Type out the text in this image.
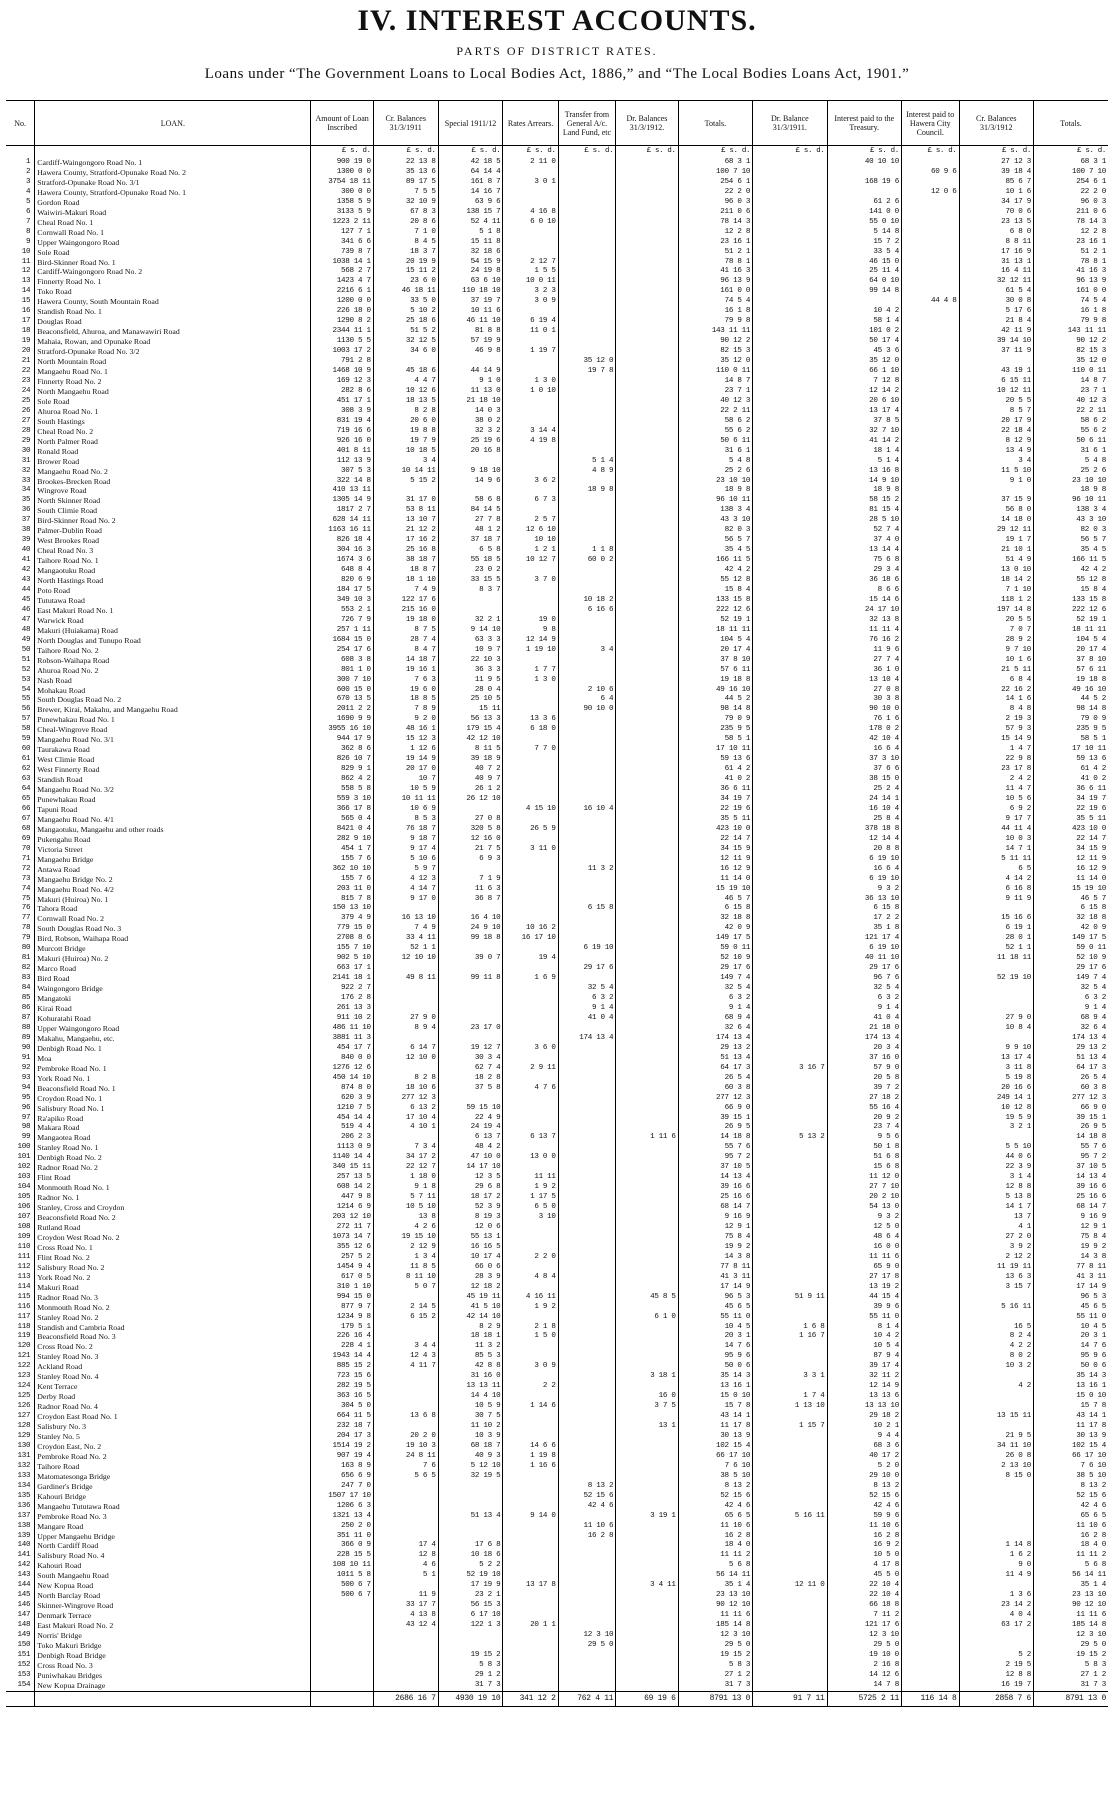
IV. INTEREST ACCOUNTS.
PARTS OF DISTRICT RATES.
Loans under “The Government Loans to Local Bodies Act, 1886,” and “The Local Bodies Loans Act, 1901.”
No.	LOAN.	Amount of Loan Inscribed	Cr. Balances 31/3/1911	Special 1911/12	Rates Arrears.	Transfer from General A/c. Land Fund, etc	Dr. Balances 31/3/1912.	Totals.	Dr. Balance 31/3/1911.	Interest paid to the Treasury.	Interest paid to Hawera City Council.	Cr. Balances 31/3/1912	Totals.
		£ s. d.	£ s. d.	£ s. d.	£ s. d.	£ s. d.	£ s. d.	£ s. d.	£ s. d.	£ s. d.	£ s. d.	£ s. d.	£ s. d.
1	Cardiff-Waingongoro Road No. 1	900 19 0	22 13 8	42 18 5	2 11 0			68 3 1		40 10 10		27 12 3	68 3 1
2	Hawera County, Stratford-Opunake Road No. 2	1300 0 0	35 13 6	64 14 4				100 7 10			60 9 6	39 18 4	100 7 10
3	Stratford-Opunake Road No. 3/1	3754 18 11	89 17 5	161 8 7	3 0 1			254 6 1		168 19 6		85 6 7	254 6 1
4	Hawera County, Stratford-Opunake Road No. 1	300 0 0	7 5 5	14 16 7				22 2 0			12 0 6	10 1 6	22 2 0
5	Gordon Road	1358 5 9	32 10 9	63 9 6				96 0 3		61 2 6		34 17 9	96 0 3
6	Waiwiri-Makuri Road	3133 5 9	67 8 3	138 15 7	4 16 8			211 0 6		141 0 0		70 0 6	211 0 6
7	Cheal Road No. 1	1223 2 11	20 8 6	52 4 11	6 0 10			78 14 3		55 0 10		23 13 5	78 14 3
8	Cornwall Road No. 1	127 7 1	7 1 0	5 1 8				12 2 8		5 14 8		6 8 0	12 2 8
9	Upper Waingongoro Road	341 6 6	8 4 5	15 11 8				23 16 1		15 7 2		8 8 11	23 16 1
10	Sole Road	739 8 7	18 3 7	32 18 6				51 2 1		33 5 4		17 16 9	51 2 1
11	Bird-Skinner Road No. 1	1038 14 1	20 19 9	54 15 9	2 12 7			78 8 1		46 15 0		31 13 1	78 8 1
12	Cardiff-Waingongoro Road No. 2	568 2 7	15 11 2	24 19 8	1 5 5			41 16 3		25 11 4		16 4 11	41 16 3
13	Finnerty Road No. 1	1423 4 7	23 6 0	63 6 10	10 0 11			96 13 9		64 0 10		32 12 11	96 13 9
14	Toko Road	2216 6 1	46 18 11	110 18 10	3 2 3			161 0 0		99 14 8		61 5 4	161 0 0
15	Hawera County, South Mountain Road	1200 0 0	33 5 0	37 19 7	3 0 9			74 5 4			44 4 8	30 0 8	74 5 4
16	Standish Road No. 1	226 18 0	5 10 2	10 11 6				16 1 8		10 4 2		5 17 6	16 1 8
17	Douglas Road	1290 8 2	25 18 6	46 11 10	6 19 4			79 9 8		58 1 4		21 8 4	79 9 8
18	Beaconsfield, Ahuroa, and Manawawiri Road	2344 11 1	51 5 2	81 8 8	11 0 1			143 11 11		101 0 2		42 11 9	143 11 11
19	Mahaia, Rowan, and Opunake Road	1130 5 5	32 12 5	57 19 9				90 12 2		50 17 4		39 14 10	90 12 2
20	Stratford-Opunake Road No. 3/2	1003 17 2	34 6 0	46 9 8	1 19 7			82 15 3		45 3 6		37 11 9	82 15 3
21	North Mountain Road	791 2 8				35 12 0		35 12 0		35 12 0			35 12 0
22	Mangaehu Road No. 1	1468 10 9	45 18 6	44 14 9		19 7 8		110 0 11		66 1 10		43 19 1	110 0 11
23	Finnerty Road No. 2	169 12 3	4 4 7	9 1 0	1 3 0			14 8 7		7 12 8		6 15 11	14 8 7
24	North Mangaehu Road	282 8 6	10 12 6	11 13 0	1 0 10			23 7 1		12 14 2		10 12 11	23 7 1
25	Sole Road	451 17 1	18 13 5	21 18 10				40 12 3		20 6 10		20 5 5	40 12 3
26	Ahuroa Road No. 1	308 3 9	8 2 8	14 0 3				22 2 11		13 17 4		8 5 7	22 2 11
27	South Hastings	831 19 4	20 6 0	38 0 2				58 6 2		37 8 5		20 17 9	58 6 2
28	Cheal Road No. 2	719 16 6	19 8 8	32 3 2	3 14 4			55 6 2		32 7 10		22 18 4	55 6 2
29	North Palmer Road	926 16 0	19 7 9	25 19 6	4 19 8			50 6 11		41 14 2		8 12 9	50 6 11
30	Ronald Road	401 8 11	10 18 5	20 16 8				31 6 1		18 1 4		13 4 9	31 6 1
31	Brower Road	112 13 9	3 4			5 1 4		5 4 8		5 1 4		3 4	5 4 8
32	Mangaehu Road No. 2	307 5 3	10 14 11	9 18 10		4 8 9		25 2 6		13 16 8		11 5 10	25 2 6
33	Brookes-Brecken Road	322 14 8	5 15 2	14 9 6	3 6 2			23 10 10		14 9 10		9 1 0	23 10 10
34	Wingrove Road	410 13 11				18 9 8		18 9 8		18 9 8			18 9 8
35	North Skinner Road	1305 14 9	31 17 0	58 6 8	6 7 3			96 10 11		58 15 2		37 15 9	96 10 11
36	South Climie Road	1817 2 7	53 8 11	84 14 5				138 3 4		81 15 4		56 8 0	138 3 4
37	Bird-Skinner Road No. 2	628 14 11	13 10 7	27 7 8	2 5 7			43 3 10		28 5 10		14 18 0	43 3 10
38	Palmer-Dublin Road	1163 16 11	21 12 2	48 1 2	12 6 10			82 0 3		52 7 4		29 12 11	82 0 3
39	West Brookes Road	826 18 4	17 16 2	37 18 7	10 10			56 5 7		37 4 0		19 1 7	56 5 7
40	Cheal Road No. 3	304 16 3	25 16 8	6 5 8	1 2 1	1 1 8		35 4 5		13 14 4		21 10 1	35 4 5
41	Taihore Road No. 1	1674 3 6	38 18 7	55 18 5	10 12 7	60 0 2		166 11 5		75 6 8		51 4 9	166 11 5
42	Mangaotuku Road	648 8 4	18 8 7	23 0 2				42 4 2		29 3 4		13 0 10	42 4 2
43	North Hastings Road	820 6 9	18 1 10	33 15 5	3 7 0			55 12 8		36 18 6		18 14 2	55 12 8
44	Poto Road	184 17 5	7 4 9	8 3 7				15 8 4		8 6 6		7 1 10	15 8 4
45	Tututawa Road	349 10 3	122 17 6			10 18 2		133 15 8		15 14 6		118 1 2	133 15 8
46	East Makuri Road No. 1	553 2 1	215 16 0			6 16 6		222 12 6		24 17 10		197 14 8	222 12 6
47	Warwick Road	726 7 9	19 18 0	32 2 1	19 0			52 19 1		32 13 8		20 5 5	52 19 1
48	Makuri (Huiakama) Road	257 1 11	8 7 5	9 14 10	9 8			18 11 11		11 11 4		7 0 7	18 11 11
49	North Douglas and Tunupo Road	1684 15 0	28 7 4	63 3 3	12 14 9			104 5 4		76 16 2		28 9 2	104 5 4
50	Taihore Road No. 2	254 17 6	8 4 7	10 9 7	1 19 10	3 4		20 17 4		11 9 6		9 7 10	20 17 4
51	Robson-Waihapa Road	608 3 8	14 18 7	22 10 3				37 8 10		27 7 4		10 1 6	37 8 10
52	Ahuroa Road No. 2	801 1 0	19 16 1	36 3 3	1 7 7			57 6 11		36 1 0		21 5 11	57 6 11
53	Nash Road	300 7 10	7 6 3	11 9 5	1 3 0			19 18 8		13 10 4		6 8 4	19 18 8
54	Mohakau Road	600 15 0	19 6 0	28 0 4		2 10 6		49 16 10		27 0 8		22 16 2	49 16 10
55	South Douglas Road No. 2	670 13 5	18 8 5	25 10 5		6 4		44 5 2		30 3 8		14 1 6	44 5 2
56	Brewer, Kirai, Makahu, and Mangaehu Road	2011 2 2	7 8 9	15 11		90 10 0		98 14 8		90 10 0		8 4 8	98 14 8
57	Punewhakau Road No. 1	1690 9 9	9 2 0	56 13 3	13 3 6			79 0 9		76 1 6		2 19 3	79 0 9
58	Cheal-Wingrove Road	3955 16 10	48 16 1	179 15 4	6 18 0			235 9 5		178 0 2		57 9 3	235 9 5
59	Mangaehu Road No. 3/1	944 17 9	15 12 3	42 12 10				58 5 1		42 10 4		15 14 9	58 5 1
60	Taurakawa Road	362 8 6	1 12 6	8 11 5	7 7 0			17 10 11		16 6 4		1 4 7	17 10 11
61	West Climie Road	826 10 7	19 14 9	39 18 9				59 13 6		37 3 10		22 9 8	59 13 6
62	West Finnerty Road	829 9 1	20 17 0	40 7 2				61 4 2		37 6 6		23 17 8	61 4 2
63	Standish Road	862 4 2	10 7	40 9 7				41 0 2		38 15 0		2 4 2	41 0 2
64	Mangaehu Road No. 3/2	558 5 8	10 5 9	26 1 2				36 6 11		25 2 4		11 4 7	36 6 11
65	Punewhakau Road	559 3 10	10 11 11	26 12 10				34 19 7		24 14 1		10 5 6	34 19 7
66	Tapuni Road	366 17 8	10 6 9		4 15 10	16 10 4		22 19 6		16 10 4		6 9 2	22 19 6
67	Mangaehu Road No. 4/1	565 0 4	8 5 3	27 0 8				35 5 11		25 8 4		9 17 7	35 5 11
68	Mangaotuku, Mangaehu and other roads	8421 0 4	76 18 7	320 5 8	26 5 9			423 10 0		378 18 8		44 11 4	423 10 0
69	Pukengahu Road	282 9 10	9 18 7	12 16 0				22 14 7		12 14 4		10 0 3	22 14 7
70	Victoria Street	454 1 7	9 17 4	21 7 5	3 11 0			34 15 9		20 8 8		14 7 1	34 15 9
71	Mangaehu Bridge	155 7 6	5 10 6	6 9 3				12 11 9		6 19 10		5 11 11	12 11 9
72	Antawa Road	362 10 10	5 9 7			11 3 2		16 12 9		16 6 4		6 5	16 12 9
73	Mangaehu Bridge No. 2	155 7 6	4 12 3	7 1 9				11 14 0		6 19 10		4 14 2	11 14 0
74	Mangaehu Road No. 4/2	203 11 0	4 14 7	11 6 3				15 19 10		9 3 2		6 16 8	15 19 10
75	Makuri (Huiroa) No. 1	815 7 8	9 17 0	36 8 7				46 5 7		36 13 10		9 11 9	46 5 7
76	Tahora Road	150 13 10				6 15 8		6 15 8		6 15 8			6 15 8
77	Cornwall Road No. 2	379 4 9	16 13 10	16 4 10				32 18 8		17 2 2		15 16 6	32 18 8
78	South Douglas Road No. 3	779 15 0	7 4 9	24 9 10	10 16 2			42 0 9		35 1 8		6 19 1	42 0 9
79	Bird, Robson, Waihapa Road	2708 8 6	33 4 11	99 18 8	16 17 10			149 17 5		121 17 4		28 0 1	149 17 5
80	Murcott Bridge	155 7 10	52 1 1			6 19 10		59 0 11		6 19 10		52 1 1	59 0 11
81	Makuri (Huiroa) No. 2	902 5 10	12 10 10	39 0 7	19 4			52 10 9		40 11 10		11 18 11	52 10 9
82	Marco Road	663 17 1				29 17 6		29 17 6		29 17 6			29 17 6
83	Bird Road	2141 18 1	49 8 11	99 11 8	1 6 9			149 7 4		96 7 6		52 19 10	149 7 4
84	Waingongoro Bridge	922 2 7				32 5 4		32 5 4		32 5 4			32 5 4
85	Mangatoki	176 2 8				6 3 2		6 3 2		6 3 2			6 3 2
86	Kirai Road	261 13 3				9 1 4		9 1 4		9 1 4			9 1 4
87	Kohuratahi Road	911 10 2	27 9 0			41 0 4		68 9 4		41 0 4		27 9 0	68 9 4
88	Upper Waingongoro Road	486 11 10	8 9 4	23 17 0				32 6 4		21 18 0		10 8 4	32 6 4
89	Makahu, Mangaehu, etc.	3881 11 3				174 13 4		174 13 4		174 13 4			174 13 4
90	Denbigh Road No. 1	454 17 7	6 14 7	19 12 7	3 6 0			29 13 2		20 3 4		9 9 10	29 13 2
91	Moa	840 0 0	12 10 0	30 3 4				51 13 4		37 16 0		13 17 4	51 13 4
92	Pembroke Road No. 1	1276 12 6		62 7 4	2 9 11			64 17 3	3 16 7	57 9 0		3 11 8	64 17 3
93	York Road No. 1	450 14 10	8 2 8	18 2 8				26 5 4		20 5 8		5 19 8	26 5 4
94	Beaconsfield Road No. 1	874 8 0	18 10 6	37 5 8	4 7 6			60 3 8		39 7 2		20 16 6	60 3 8
95	Croydon Road No. 1	620 3 9	277 12 3					277 12 3		27 18 2		249 14 1	277 12 3
96	Salisbury Road No. 1	1210 7 5	6 13 2	59 15 10				66 9 0		55 16 4		10 12 8	66 9 0
97	Ra'apiko Road	454 14 4	17 10 4	22 4 9				39 15 1		20 9 2		19 5 9	39 15 1
98	Makara Road	519 4 4	4 10 1	24 19 4				26 9 5		23 7 4		3 2 1	26 9 5
99	Mangaotea Road	206 2 3		6 13 7	6 13 7		1 11 6	14 18 8	5 13 2	9 5 6			14 18 8
100	Stanley Road No. 1	1113 0 9	7 3 4	48 4 2				55 7 6		50 1 8		5 5 10	55 7 6
101	Denbigh Road No. 2	1140 14 4	34 17 2	47 10 0	13 0 0			95 7 2		51 6 8		44 0 6	95 7 2
102	Radnor Road No. 2	340 15 11	22 12 7	14 17 10				37 10 5		15 6 8		22 3 9	37 10 5
103	Flint Road	257 13 5	1 18 0	12 3 5	11 11			14 13 4		11 12 0		3 1 4	14 13 4
104	Monmouth Road No. 1	608 14 2	9 1 8	29 6 8	1 9 2			39 16 6		27 7 10		12 8 8	39 16 6
105	Radnor No. 1	447 9 8	5 7 11	18 17 2	1 17 5			25 16 6		20 2 10		5 13 8	25 16 6
106	Stanley, Cross and Croydon	1214 6 9	10 5 10	52 3 9	6 5 0			68 14 7		54 13 0		14 1 7	68 14 7
107	Beaconsfield Road No. 2	203 12 10	13 8	8 19 3	3 10			9 16 9		9 3 2		13 7	9 16 9
108	Rutland Road	272 11 7	4 2 6	12 0 6				12 9 1		12 5 0		4 1	12 9 1
109	Croydon West Road No. 2	1073 14 7	19 15 10	55 13 1				75 8 4		48 6 4		27 2 0	75 8 4
110	Cross Road No. 1	355 12 6	2 12 9	16 16 5				19 9 2		16 0 0		3 9 2	19 9 2
111	Flint Road No. 2	257 5 2	1 3 4	10 17 4	2 2 0			14 3 8		11 11 6		2 12 2	14 3 8
112	Salisbury Road No. 2	1454 9 4	11 8 5	66 0 6				77 8 11		65 9 0		11 19 11	77 8 11
113	York Road No. 2	617 0 5	8 11 10	28 3 9	4 8 4			41 3 11		27 17 8		13 6 3	41 3 11
114	Makuri Road	310 1 10	5 0 7	12 18 2				17 14 9		13 19 2		3 15 7	17 14 9
115	Radnor Road No. 3	994 15 0		45 19 11	4 16 11		45 8 5	96 5 3	51 9 11	44 15 4			96 5 3
116	Monmouth Road No. 2	877 9 7	2 14 5	41 5 10	1 9 2			45 6 5		39 9 6		5 16 11	45 6 5
117	Stanley Road No. 2	1234 9 8	6 15 2	42 14 10			6 1 0	55 11 0		55 11 0			55 11 0
118	Standish and Cambria Road	179 5 1		8 2 9	2 1 8			10 4 5	1 6 8	8 1 4		16 5	10 4 5
119	Beaconsfield Road No. 3	226 16 4		18 18 1	1 5 0			20 3 1	1 16 7	10 4 2		8 2 4	20 3 1
120	Cross Road No. 2	228 4 1	3 4 4	11 3 2				14 7 6		10 5 4		4 2 2	14 7 6
121	Stanley Road No. 3	1943 14 4	12 4 3	85 5 3				95 9 6		87 9 4		8 0 2	95 9 6
122	Ackland Road	885 15 2	4 11 7	42 8 8	3 0 9			50 0 6		39 17 4		10 3 2	50 0 6
123	Stanley Road No. 4	723 15 6		31 16 0			3 18 1	35 14 3	3 3 1	32 11 2			35 14 3
124	Kent Terrace	282 19 5		13 13 11	2 2			13 16 1		12 14 9		4 2	13 16 1
125	Derby Road	363 16 5		14 4 10			16 0	15 0 10	1 7 4	13 13 6			15 0 10
126	Radnor Road No. 4	304 5 0		10 5 9	1 14 6		3 7 5	15 7 8	1 13 10	13 13 10			15 7 8
127	Croydon East Road No. 1	664 11 5	13 6 8	30 7 5				43 14 1		29 18 2		13 15 11	43 14 1
128	Salisbury No. 3	232 18 7		11 10 2			13 1	11 17 8	1 15 7	10 2 1			11 17 8
129	Stanley No. 5	204 17 3	20 2 0	10 3 9				30 13 9		9 4 4		21 9 5	30 13 9
130	Croydon East, No. 2	1514 19 2	19 10 3	68 18 7	14 6 6			102 15 4		68 3 6		34 11 10	102 15 4
131	Pembroke Road No. 2	907 19 4	24 8 11	40 9 3	1 19 8			66 17 10		40 17 2		26 0 8	66 17 10
132	Taihore Road	163 8 9	7 6	5 12 10	1 16 6			7 6 10		5 2 0		2 13 10	7 6 10
133	Matomatesonga Bridge	656 6 9	5 6 5	32 19 5				38 5 10		29 10 0		8 15 0	38 5 10
134	Gardiner's Bridge	247 7 0				8 13 2		8 13 2		8 13 2			8 13 2
135	Kahouri Bridge	1507 17 10				52 15 6		52 15 6		52 15 6			52 15 6
136	Mangaehu Tututawa Road	1206 6 3				42 4 6		42 4 6		42 4 6			42 4 6
137	Pembroke Road No. 3	1321 13 4		51 13 4	9 14 0		3 19 1	65 6 5	5 16 11	59 9 6			65 6 5
138	Mangare Road	250 2 0				11 10 6		11 10 6		11 10 6			11 10 6
139	Upper Mangaehu Bridge	351 11 0				16 2 8		16 2 8		16 2 8			16 2 8
140	North Cardiff Road	366 0 9	17 4	17 6 8				18 4 0		16 9 2		1 14 8	18 4 0
141	Salisbury Road No. 4	228 15 5	12 8	10 18 6				11 11 2		10 5 0		1 6 2	11 11 2
142	Kahouri Road	108 10 11	4 6	5 2 2				5 6 8		4 17 8		9 0	5 6 8
143	South Mangaehu Road	1011 5 8	5 1	52 19 10				56 14 11		45 5 0		11 4 9	56 14 11
144	New Kopua Road	500 6 7		17 19 9	13 17 8		3 4 11	35 1 4	12 11 0	22 10 4			35 1 4
145	North Barclay Road	500 6 7	11 9	23 2 1				23 13 10		22 10 4		1 3 6	23 13 10
146	Skinner-Wingrove Road		33 17 7	56 15 3				90 12 10		66 18 8		23 14 2	90 12 10
147	Denmark Terrace		4 13 8	6 17 10				11 11 6		7 11 2		4 0 4	11 11 6
148	East Makuri Road No. 2		43 12 4	122 1 3	20 1 1			185 14 8		121 17 6		63 17 2	185 14 8
149	Norris' Bridge					12 3 10		12 3 10		12 3 10			12 3 10
150	Toko Makuri Bridge					29 5 0		29 5 0		29 5 0			29 5 0
151	Denbigh Road Bridge			19 15 2				19 15 2		19 10 0		5 2	19 15 2
152	Cross Road No. 3			5 8 3				5 8 3		2 16 8		2 19 5	5 8 3
153	Puniwhakau Bridges			29 1 2				27 1 2		14 12 6		12 8 8	27 1 2
154	New Kopua Drainage			31 7 3				31 7 3		14 7 8		16 19 7	31 7 3
			2686 16 7	4930 19 10	341 12 2	762 4 11	69 19 6	8791 13 0	91 7 11	5725 2 11	116 14 8	2858 7 6	8791 13 0
